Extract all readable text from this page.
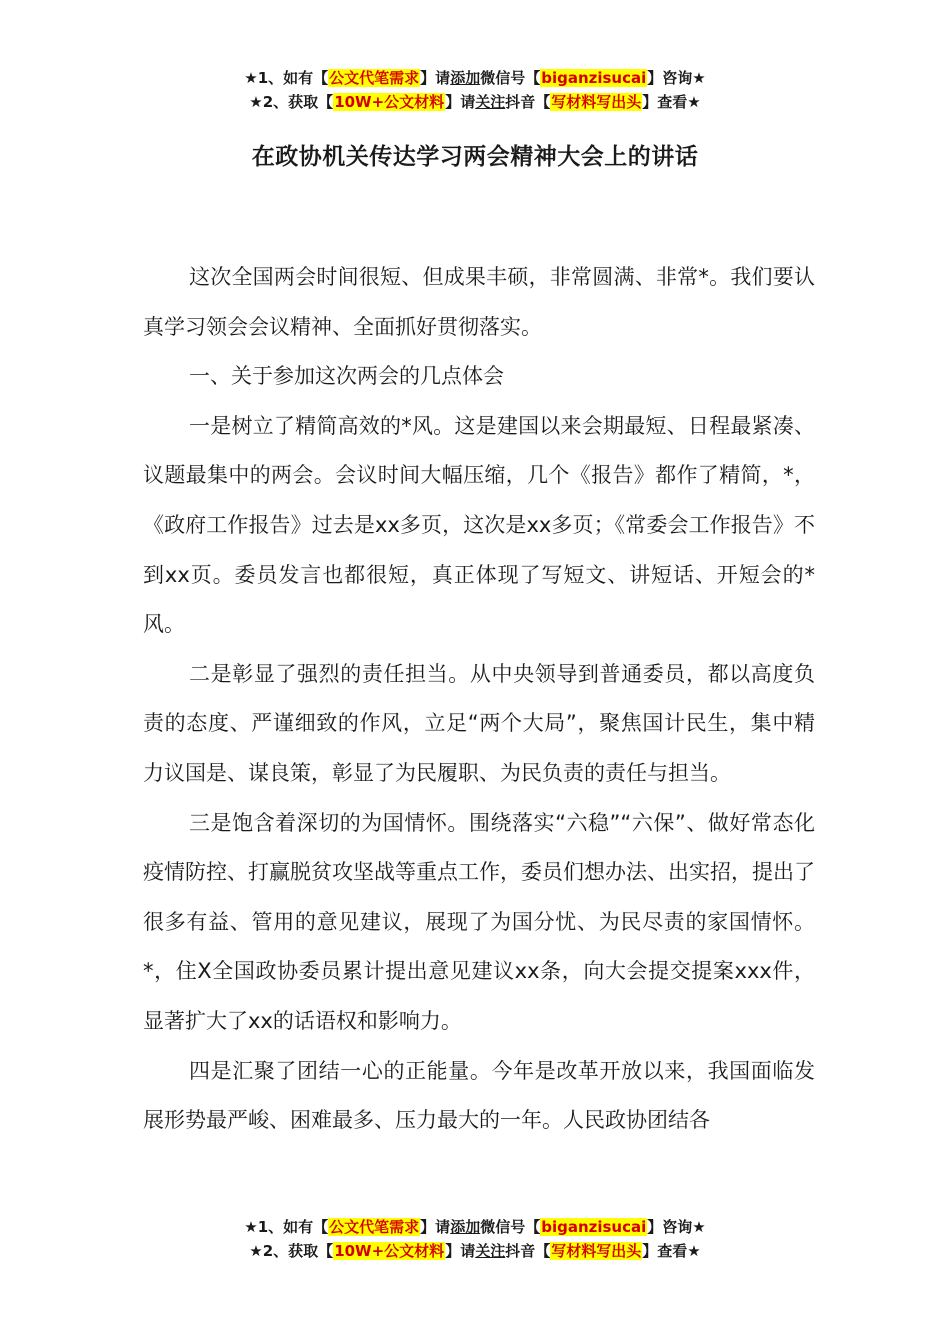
★1、如有【公文代笔需求】请添加微信号【biganzisucai】咨询★
★2、获取【10W+公文材料】请关注抖音【写材料写出头】查看★
在政协机关传达学习两会精神大会上的讲话

这次全国两会时间很短、但成果丰硕，非常圆满、非常*。我们要认真学习领会会议精神、全面抓好贯彻落实。

一、关于参加这次两会的几点体会

一是树立了精简高效的*风。这是建国以来会期最短、日程最紧凑、议题最集中的两会。会议时间大幅压缩，几个《报告》都作了精简，*，《政府工作报告》过去是xx多页，这次是xx多页；《常委会工作报告》不到xx页。委员发言也都很短，真正体现了写短文、讲短话、开短会的*风。

二是彰显了强烈的责任担当。从中央领导到普通委员，都以高度负责的态度、严谨细致的作风，立足“两个大局”，聚焦国计民生，集中精力议国是、谋良策，彰显了为民履职、为民负责的责任与担当。

三是饱含着深切的为国情怀。围绕落实“六稳”“六保”、做好常态化疫情防控、打赢脱贫攻坚战等重点工作，委员们想办法、出实招，提出了很多有益、管用的意见建议，展现了为国分忧、为民尽责的家国情怀。*，住X全国政协委员累计提出意见建议xx条，向大会提交提案xxx件，显著扩大了xx的话语权和影响力。

四是汇聚了团结一心的正能量。今年是改革开放以来，我国面临发展形势最严峻、困难最多、压力最大的一年。人民政协团结各

★1、如有【公文代笔需求】请添加微信号【biganzisucai】咨询★
★2、获取【10W+公文材料】请关注抖音【写材料写出头】查看★
